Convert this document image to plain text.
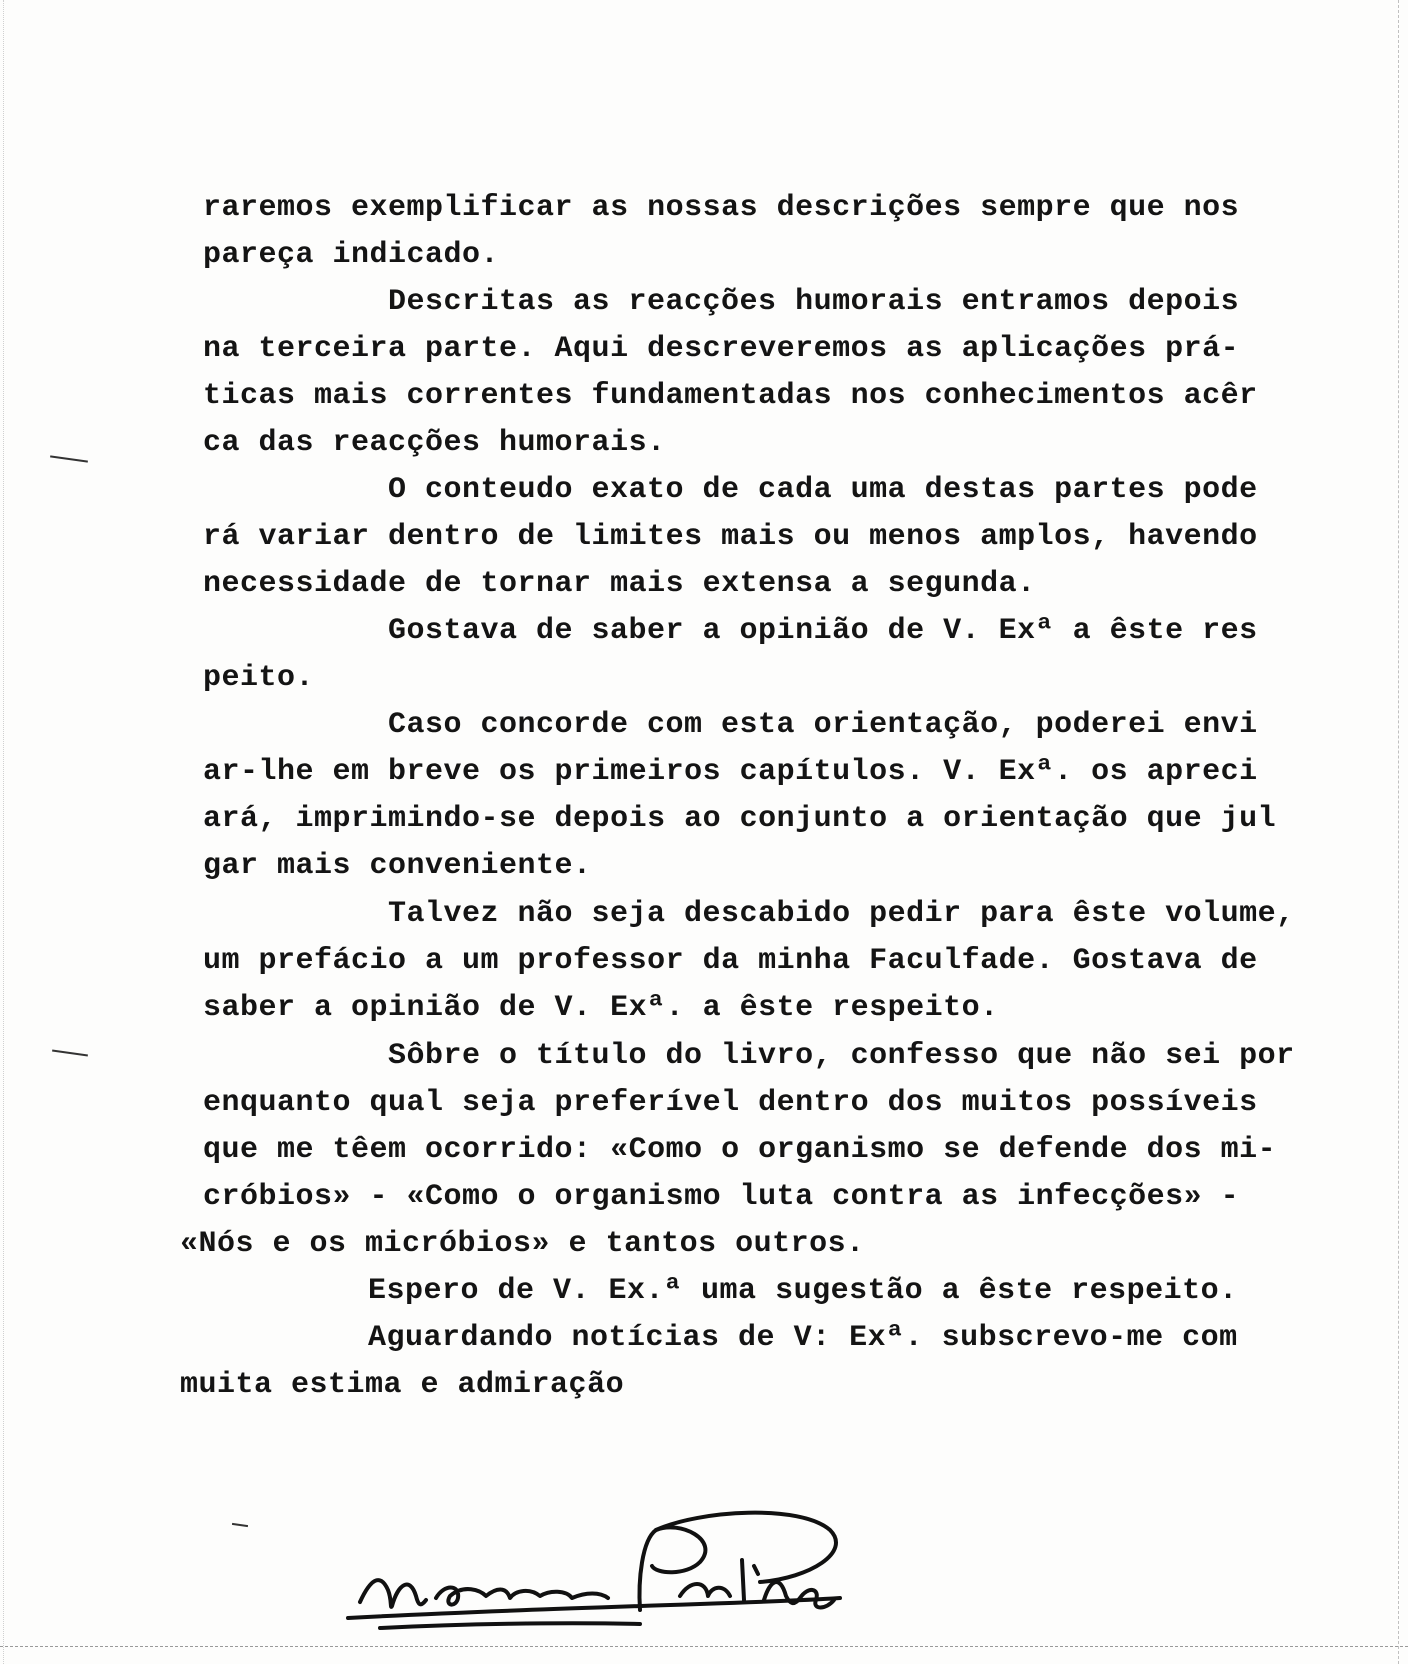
raremos exemplificar as nossas descrições sempre que nos
pareça indicado.
Descritas as reacções humorais entramos depois
na terceira parte. Aqui descreveremos as aplicações prá-
ticas mais correntes fundamentadas nos conhecimentos acêr
ca das reacções humorais.
O conteudo exato de cada uma destas partes pode
rá variar dentro de limites mais ou menos amplos, havendo
necessidade de tornar mais extensa a segunda.
Gostava de saber a opinião de V. Exª a êste res
peito.
Caso concorde com esta orientação, poderei envi
ar-lhe em breve os primeiros capítulos. V. Exª. os apreci
ará, imprimindo-se depois ao conjunto a orientação que jul
gar mais conveniente.
Talvez não seja descabido pedir para êste volume,
um prefácio a um professor da minha Faculfade. Gostava de
saber a opinião de V. Exª. a êste respeito.
Sôbre o título do livro, confesso que não sei por
enquanto qual seja preferível dentro dos muitos possíveis
que me têem ocorrido: «Como o organismo se defende dos mi-
cróbios» - «Como o organismo luta contra as infecções» -
«Nós e os micróbios» e tantos outros.
Espero de V. Ex.ª uma sugestão a êste respeito.
Aguardando notícias de V: Exª. subscrevo-me com
muita estima e admiração
